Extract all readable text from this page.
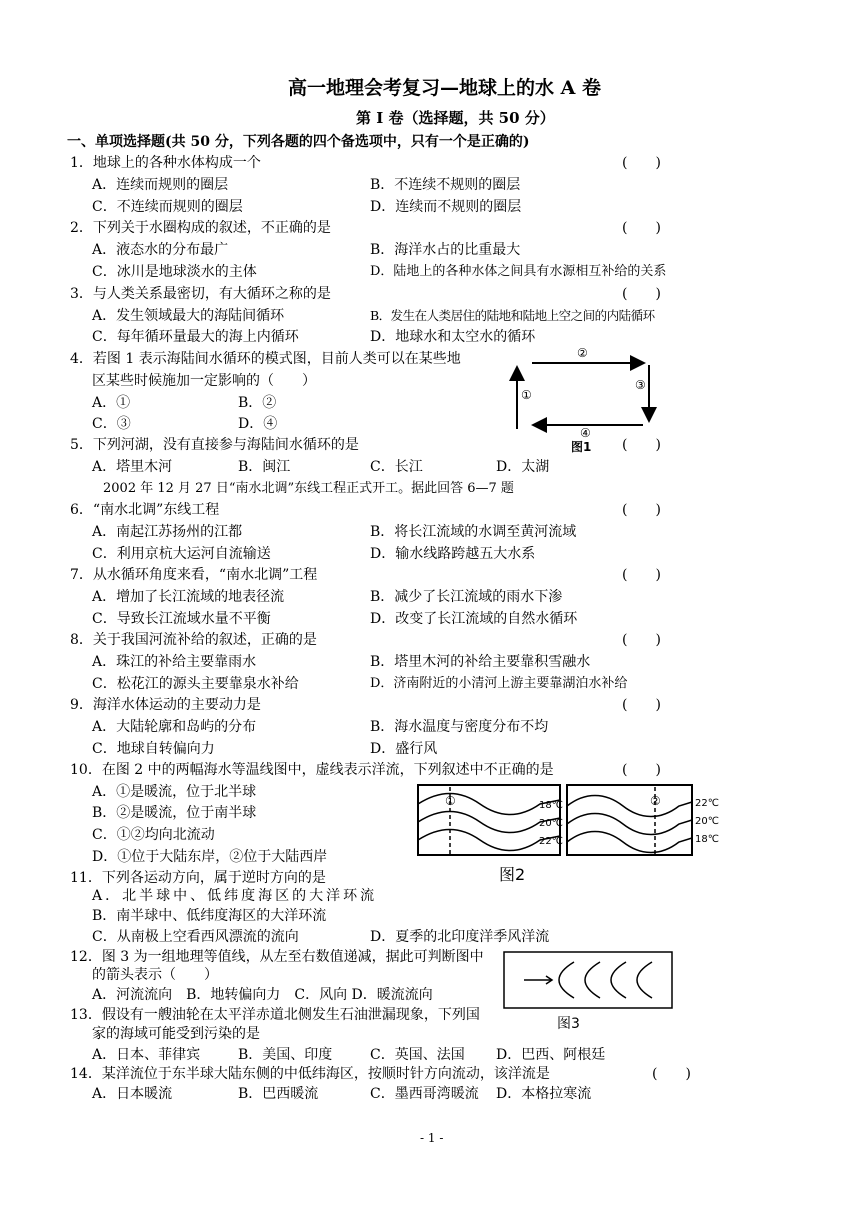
高一地理会考复习—地球上的水 A 卷
第 Ⅰ 卷（选择题，共 50 分）
一、单项选择题(共 50 分，下列各题的四个备选项中，只有一个是正确的)
1．地球上的各种水体构成一个	(　　)
A．连续而规则的圈层	B．不连续不规则的圈层
C．不连续而规则的圈层	D．连续而不规则的圈层
2．下列关于水圈构成的叙述，不正确的是	(　　)
A．液态水的分布最广	B．海洋水占的比重最大
C．冰川是地球淡水的主体	D．陆地上的各种水体之间具有水源相互补给的关系
3．与人类关系最密切，有大循环之称的是	(　　)
A．发生领域最大的海陆间循环	B．发生在人类居住的陆地和陆地上空之间的内陆循环
C．每年循环量最大的海上内循环	D．地球水和太空水的循环
4．若图 1 表示海陆间水循环的模式图，目前人类可以在某些地
区某些时候施加一定影响的（　　）
A．①	B．②
C．③	D．④
①
②
③
④
图1
5．下列河湖，没有直接参与海陆间水循环的是	(　　)
A．塔里木河	B．闽江	C．长江	D．太湖
2002 年 12 月 27 日“南水北调”东线工程正式开工。据此回答 6—7 题
6．“南水北调”东线工程	(　　)
A．南起江苏扬州的江都	B．将长江流域的水调至黄河流域
C．利用京杭大运河自流输送	D．输水线路跨越五大水系
7．从水循环角度来看，“南水北调”工程	(　　)
A．增加了长江流域的地表径流	B．减少了长江流域的雨水下渗
C．导致长江流域水量不平衡	D．改变了长江流域的自然水循环
8．关于我国河流补给的叙述，正确的是	(　　)
A．珠江的补给主要靠雨水	B．塔里木河的补给主要靠积雪融水
C．松花江的源头主要靠泉水补给	D．济南附近的小清河上游主要靠湖泊水补给
9．海洋水体运动的主要动力是	(　　)
A．大陆轮廓和岛屿的分布	B．海水温度与密度分布不均
C．地球自转偏向力	D．盛行风
10．在图 2 中的两幅海水等温线图中，虚线表示洋流，下列叙述中不正确的是	(　　)
A．①是暖流，位于北半球
B．②是暖流，位于南半球
C．①②均向北流动
D．①位于大陆东岸，②位于大陆西岸
①	②
18℃
20℃
22℃
22℃
20℃
18℃
图2
11．下列各运动方向，属于逆时方向的是
A．北半球中、低纬度海区的大洋环流
B．南半球中、低纬度海区的大洋环流
C．从南极上空看西风漂流的流向	D．夏季的北印度洋季风洋流
12．图 3 为一组地理等值线，从左至右数值递减，据此可判断图中
的箭头表示（　　）
A．河流流向　B．地转偏向力　C．风向 D．暖流流向
图3
13．假设有一艘油轮在太平洋赤道北侧发生石油泄漏现象，下列国
家的海域可能受到污染的是
A．日本、菲律宾	B．美国、印度	C．英国、法国 D．巴西、阿根廷
14．某洋流位于东半球大陆东侧的中低纬海区，按顺时针方向流动，该洋流是	(　　)
A．日本暖流	B．巴西暖流	C．墨西哥湾暖流 D．本格拉寒流
- 1 -
